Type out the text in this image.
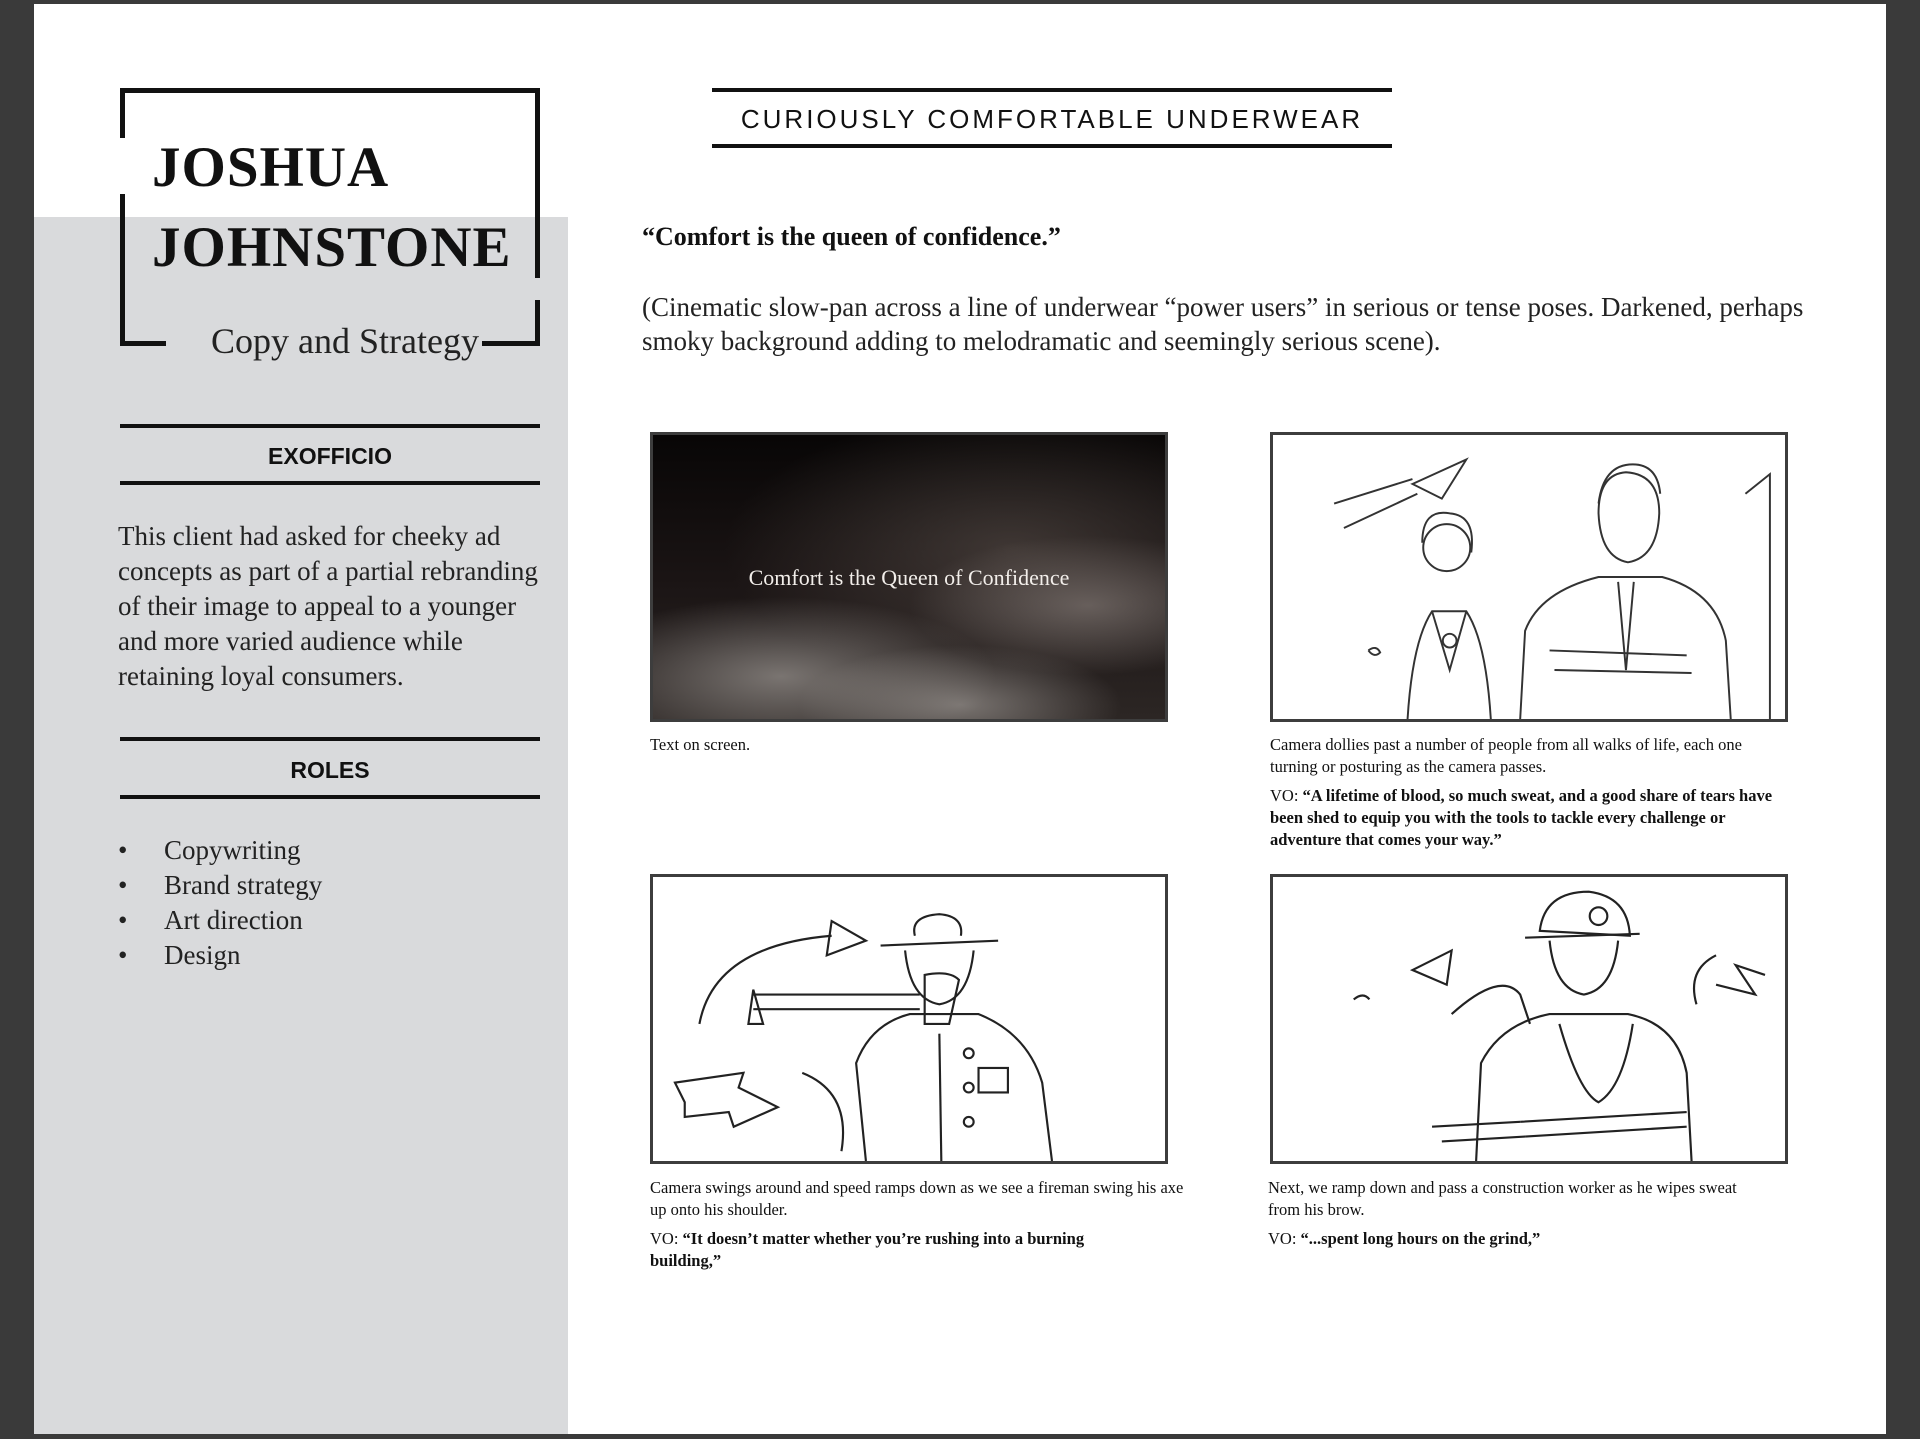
JOSHUA
JOHNSTONE
Copy and Strategy
EXOFFICIO
This client had asked for cheeky ad concepts as part of a partial rebranding of their image to appeal to a younger and more varied audience while retaining loyal consumers.
ROLES
• Copywriting
• Brand strategy
• Art direction
• Design
CURIOUSLY COMFORTABLE UNDERWEAR
“Comfort is the queen of confidence.”
(Cinematic slow-pan across a line of underwear “power users” in serious or tense poses. Darkened, perhaps smoky background adding to melodramatic and seemingly serious scene).
Comfort is the Queen of Confidence
Text on screen.	Camera dollies past a number of people from all walks of life, each one turning or posturing as the camera passes.
VO: “A lifetime of blood, so much sweat, and a good share of tears have been shed to equip you with the tools to tackle every challenge or adventure that comes your way.”
Camera swings around and speed ramps down as we see a fireman swing his axe up onto his shoulder.
VO: “It doesn’t matter whether you’re rushing into a burning building,”
Next, we ramp down and pass a construction worker as he wipes sweat from his brow.
VO: “...spent long hours on the grind,”
